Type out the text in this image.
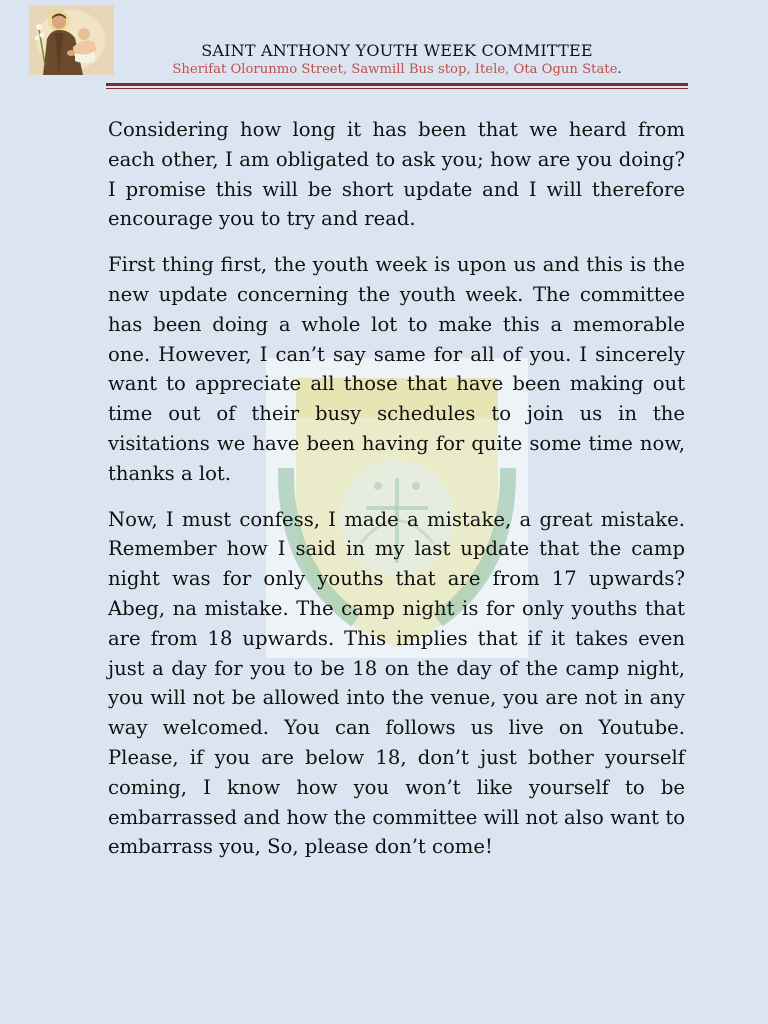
SAINT ANTHONY YOUTH WEEK COMMITTEE
Sherifat Olorunmo Street, Sawmill Bus stop, Itele, Ota Ogun State.

Considering how long it has been that we heard from each other, I am obligated to ask you; how are you doing? I promise this will be short update and I will therefore encourage you to try and read.

First thing first, the youth week is upon us and this is the new update concerning the youth week. The committee has been doing a whole lot to make this a memorable one. However, I can’t say same for all of you. I sincerely want to appreciate all those that have been making out time out of their busy schedules to join us in the visitations we have been having for quite some time now, thanks a lot.

Now, I must confess, I made a mistake, a great mistake. Remember how I said in my last update that the camp night was for only youths that are from 17 upwards? Abeg, na mistake. The camp night is for only youths that are from 18 upwards. This implies that if it takes even just a day for you to be 18 on the day of the camp night, you will not be allowed into the venue, you are not in any way welcomed. You can follows us live on Youtube. Please, if you are below 18, don’t just bother yourself coming, I know how you won’t like yourself to be embarrassed and how the committee will not also want to embarrass you, So, please don’t come!
